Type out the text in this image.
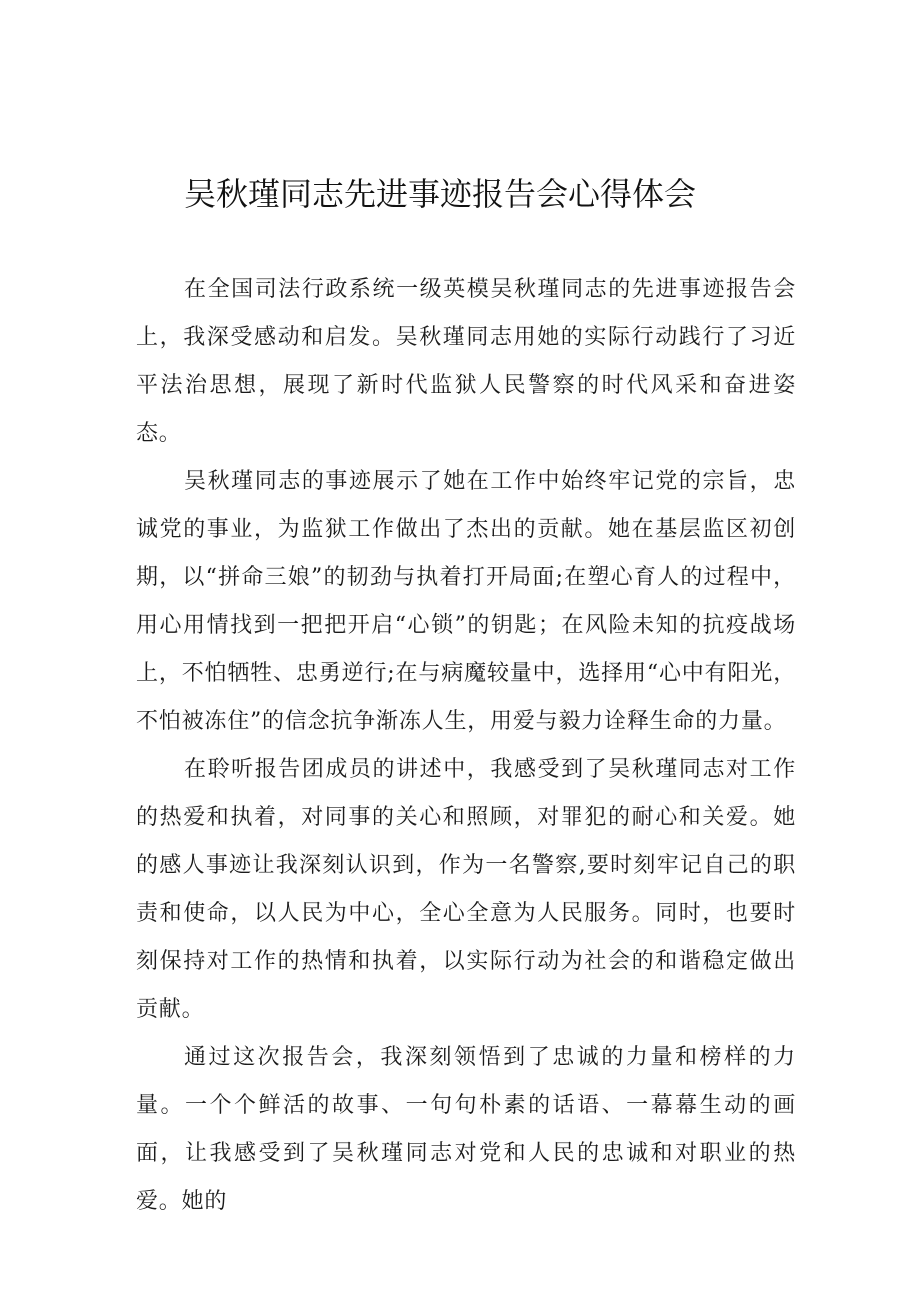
吴秋瑾同志先进事迹报告会心得体会

在全国司法行政系统一级英模吴秋瑾同志的先进事迹报告会上，我深受感动和启发。吴秋瑾同志用她的实际行动践行了习近平法治思想，展现了新时代监狱人民警察的时代风采和奋进姿态。

吴秋瑾同志的事迹展示了她在工作中始终牢记党的宗旨，忠诚党的事业，为监狱工作做出了杰出的贡献。她在基层监区初创期，以“拼命三娘”的韧劲与执着打开局面;在塑心育人的过程中，用心用情找到一把把开启“心锁”的钥匙；在风险未知的抗疫战场上，不怕牺牲、忠勇逆行;在与病魔较量中，选择用“心中有阳光，不怕被冻住”的信念抗争渐冻人生，用爱与毅力诠释生命的力量。

在聆听报告团成员的讲述中，我感受到了吴秋瑾同志对工作的热爱和执着，对同事的关心和照顾，对罪犯的耐心和关爱。她的感人事迹让我深刻认识到，作为一名警察,要时刻牢记自己的职责和使命，以人民为中心，全心全意为人民服务。同时，也要时刻保持对工作的热情和执着，以实际行动为社会的和谐稳定做出贡献。

通过这次报告会，我深刻领悟到了忠诚的力量和榜样的力量。一个个鲜活的故事、一句句朴素的话语、一幕幕生动的画面，让我感受到了吴秋瑾同志对党和人民的忠诚和对职业的热爱。她的
